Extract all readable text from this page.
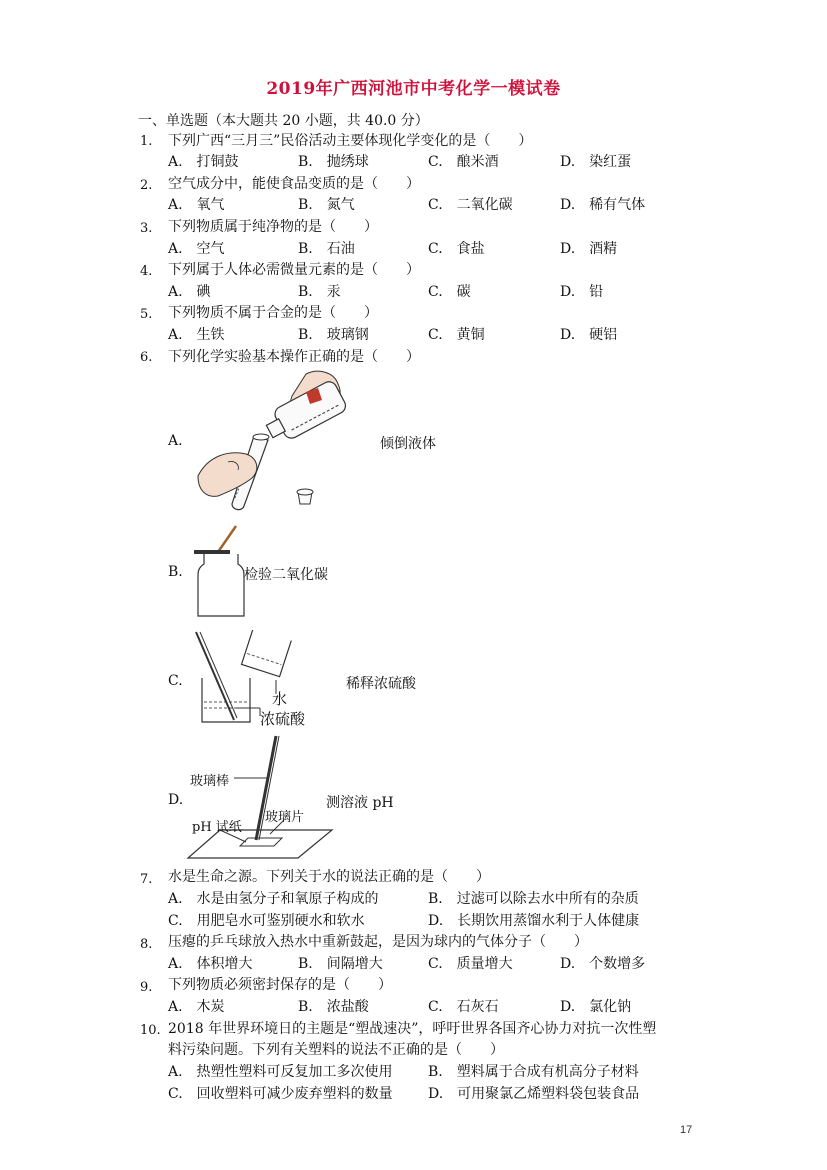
2019年广西河池市中考化学一模试卷
一、单选题（本大题共 20 小题，共 40.0 分）
1. 下列广西“三月三”民俗活动主要体现化学变化的是（　　）
A.　打铜鼓	B.　抛绣球	C.　酿米酒	D.　染红蛋
2. 空气成分中，能使食品变质的是（　　）
A.　氧气	B.　氮气	C.　二氧化碳	D.　稀有气体
3. 下列物质属于纯净物的是（　　）
A.　空气	B.　石油	C.　食盐	D.　酒精
4. 下列属于人体必需微量元素的是（　　）
A.　碘	B.　汞	C.　碳	D.　铅
5. 下列物质不属于合金的是（　　）
A.　生铁	B.　玻璃钢	C.　黄铜	D.　硬铝
6. 下列化学实验基本操作正确的是（　　）
A.	倾倒液体
B.	检验二氧化碳
C.
水
浓硫酸
稀释浓硫酸
D.
玻璃棒
玻璃片
pH 试纸
测溶液 pH
7. 水是生命之源。下列关于水的说法正确的是（　　）
A.　水是由氢分子和氧原子构成的	B.　过滤可以除去水中所有的杂质
C.　用肥皂水可鉴别硬水和软水	D.　长期饮用蒸馏水利于人体健康
8. 压瘪的乒乓球放入热水中重新鼓起，是因为球内的气体分子（　　）
A.　体积增大	B.　间隔增大	C.　质量增大	D.　个数增多
9. 下列物质必须密封保存的是（　　）
A.　木炭	B.　浓盐酸	C.　石灰石	D.　氯化钠
10. 2018 年世界环境日的主题是“塑战速决”，呼吁世界各国齐心协力对抗一次性塑
料污染问题。下列有关塑料的说法不正确的是（　　）
A.　热塑性塑料可反复加工多次使用	B.　塑料属于合成有机高分子材料
C.　回收塑料可减少废弃塑料的数量	D.　可用聚氯乙烯塑料袋包装食品
17
